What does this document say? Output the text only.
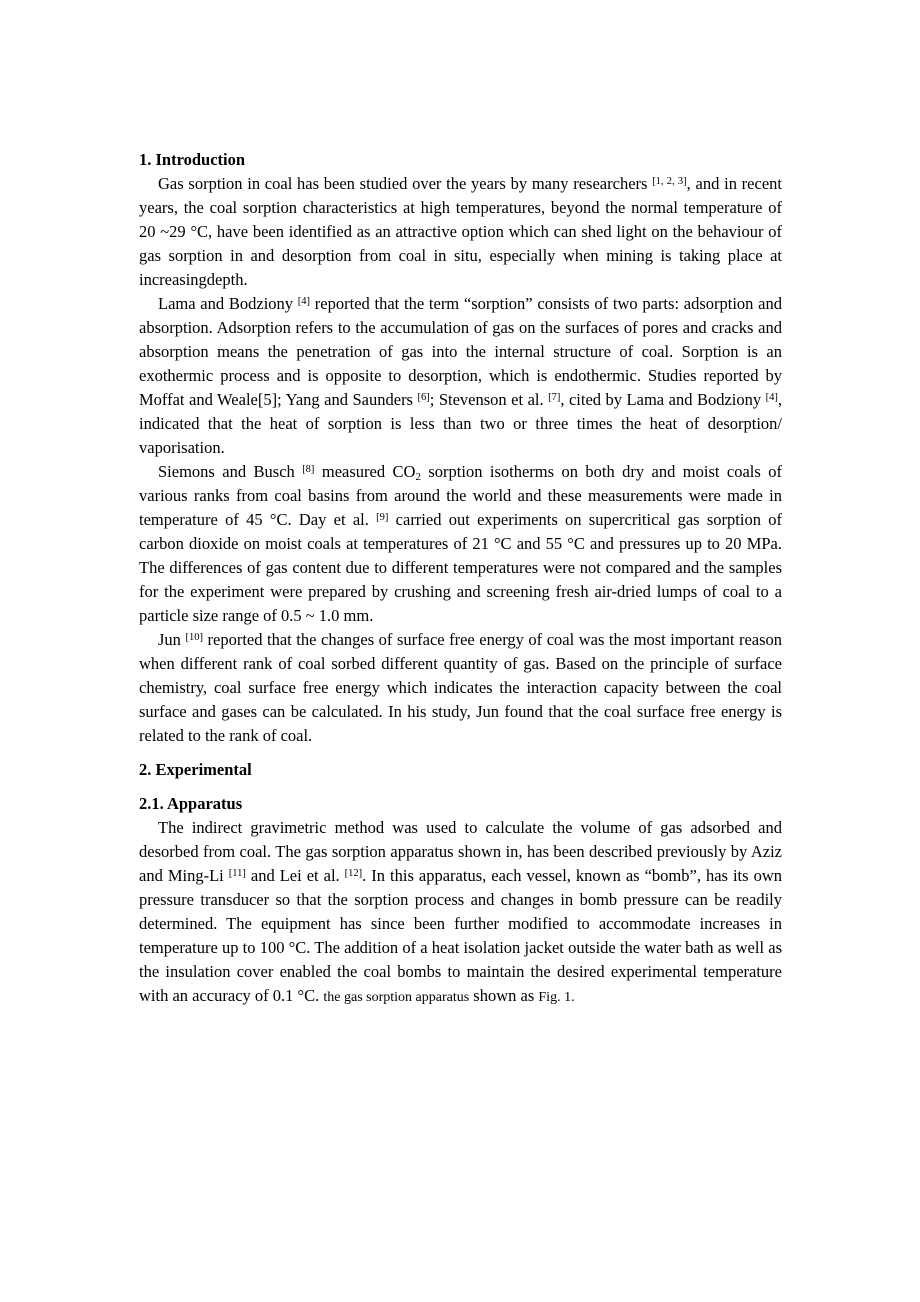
1. Introduction

Gas sorption in coal has been studied over the years by many researchers [1, 2, 3], and in recent years, the coal sorption characteristics at high temperatures, beyond the normal temperature of 20 ~29 °C, have been identified as an attractive option which can shed light on the behaviour of gas sorption in and desorption from coal in situ, especially when mining is taking place at increasingdepth.

Lama and Bodziony [4] reported that the term “sorption” consists of two parts: adsorption and absorption. Adsorption refers to the accumulation of gas on the surfaces of pores and cracks and absorption means the penetration of gas into the internal structure of coal. Sorption is an exothermic process and is opposite to desorption, which is endothermic. Studies reported by Moffat and Weale[5]; Yang and Saunders [6]; Stevenson et al. [7], cited by Lama and Bodziony [4], indicated that the heat of sorption is less than two or three times the heat of desorption/ vaporisation.

Siemons and Busch [8] measured $CO_2$ sorption isotherms on both dry and moist coals of various ranks from coal basins from around the world and these measurements were made in temperature of 45 °C. Day et al. [9] carried out experiments on supercritical gas sorption of carbon dioxide on moist coals at temperatures of 21 °C and 55 °C and pressures up to 20 MPa. The differences of gas content due to different temperatures were not compared and the samples for the experiment were prepared by crushing and screening fresh air-dried lumps of coal to a particle size range of 0.5 ~ 1.0 mm.

Jun [10] reported that the changes of surface free energy of coal was the most important reason when different rank of coal sorbed different quantity of gas. Based on the principle of surface chemistry, coal surface free energy which indicates the interaction capacity between the coal surface and gases can be calculated. In his study, Jun found that the coal surface free energy is related to the rank of coal.

2. Experimental
2.1. Apparatus

The indirect gravimetric method was used to calculate the volume of gas adsorbed and desorbed from coal. The gas sorption apparatus shown in, has been described previously by Aziz and Ming-Li [11] and Lei et al. [12]. In this apparatus, each vessel, known as “bomb”, has its own pressure transducer so that the sorption process and changes in bomb pressure can be readily determined. The equipment has since been further modified to accommodate increases in temperature up to 100 °C. The addition of a heat isolation jacket outside the water bath as well as the insulation cover enabled the coal bombs to maintain the desired experimental temperature with an accuracy of 0.1 °C. the gas sorption apparatus shown as Fig. 1.
